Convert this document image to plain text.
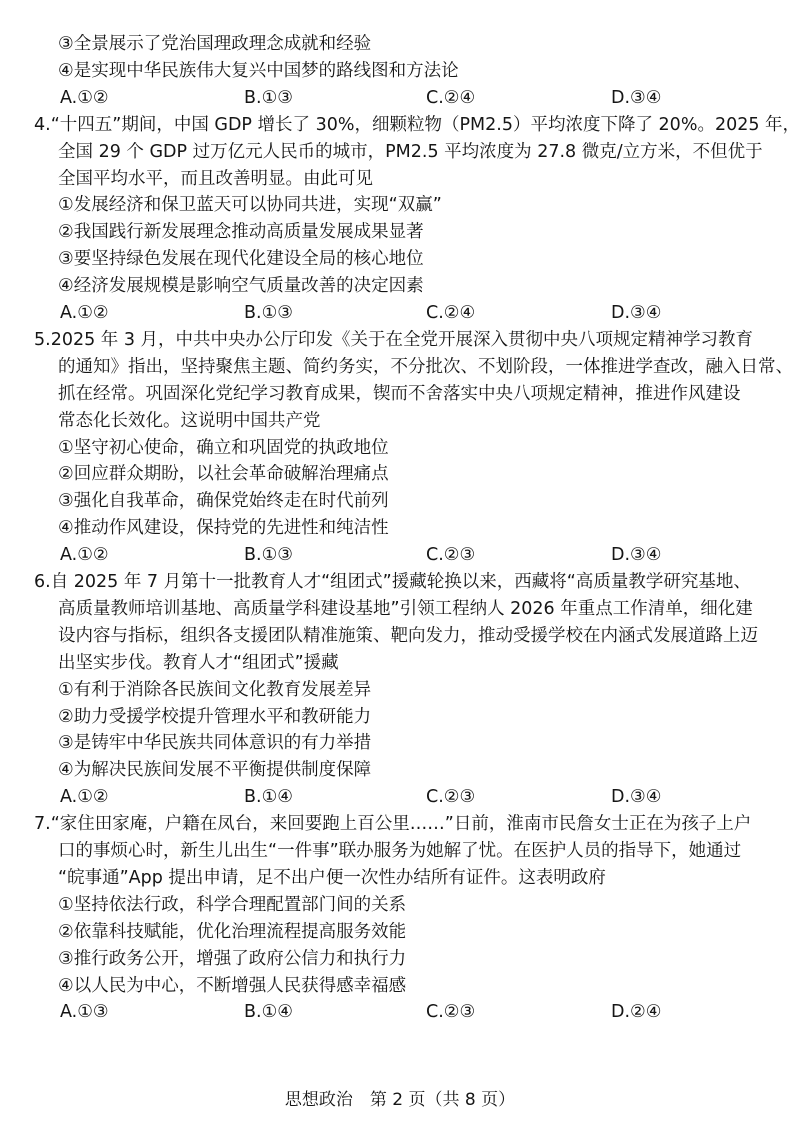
③全景展示了党治国理政理念成就和经验
④是实现中华民族伟大复兴中国梦的路线图和方法论
A.①②	B.①③	C.②④	D.③④
4.“十四五”期间，中国 GDP 增长了 30%，细颗粒物（PM2.5）平均浓度下降了 20%。2025 年，
全国 29 个 GDP 过万亿元人民币的城市，PM2.5 平均浓度为 27.8 微克/立方米，不但优于
全国平均水平，而且改善明显。由此可见
①发展经济和保卫蓝天可以协同共进，实现“双赢”
②我国践行新发展理念推动高质量发展成果显著
③要坚持绿色发展在现代化建设全局的核心地位
④经济发展规模是影响空气质量改善的决定因素
A.①②	B.①③	C.②④	D.③④
5.2025 年 3 月，中共中央办公厅印发《关于在全党开展深入贯彻中央八项规定精神学习教育
的通知》指出，坚持聚焦主题、简约务实，不分批次、不划阶段，一体推进学查改，融入日常、
抓在经常。巩固深化党纪学习教育成果，锲而不舍落实中央八项规定精神，推进作风建设
常态化长效化。这说明中国共产党
①坚守初心使命，确立和巩固党的执政地位
②回应群众期盼，以社会革命破解治理痛点
③强化自我革命，确保党始终走在时代前列
④推动作风建设，保持党的先进性和纯洁性
A.①②	B.①③	C.②③	D.③④
6.自 2025 年 7 月第十一批教育人才“组团式”援藏轮换以来，西藏将“高质量教学研究基地、
高质量教师培训基地、高质量学科建设基地”引领工程纳人 2026 年重点工作清单，细化建
设内容与指标，组织各支援团队精准施策、靶向发力，推动受援学校在内涵式发展道路上迈
出坚实步伐。教育人才“组团式”援藏
①有利于消除各民族间文化教育发展差异
②助力受援学校提升管理水平和教研能力
③是铸牢中华民族共同体意识的有力举措
④为解决民族间发展不平衡提供制度保障
A.①②	B.①④	C.②③	D.③④
7.“家住田家庵，户籍在凤台，来回要跑上百公里……”日前，淮南市民詹女士正在为孩子上户
口的事烦心时，新生儿出生“一件事”联办服务为她解了忧。在医护人员的指导下，她通过
“皖事通”App 提出申请，足不出户便一次性办结所有证件。这表明政府
①坚持依法行政，科学合理配置部门间的关系
②依靠科技赋能，优化治理流程提高服务效能
③推行政务公开，增强了政府公信力和执行力
④以人民为中心，不断增强人民获得感幸福感
A.①③	B.①④	C.②③	D.②④
思想政治　第 2 页（共 8 页）
